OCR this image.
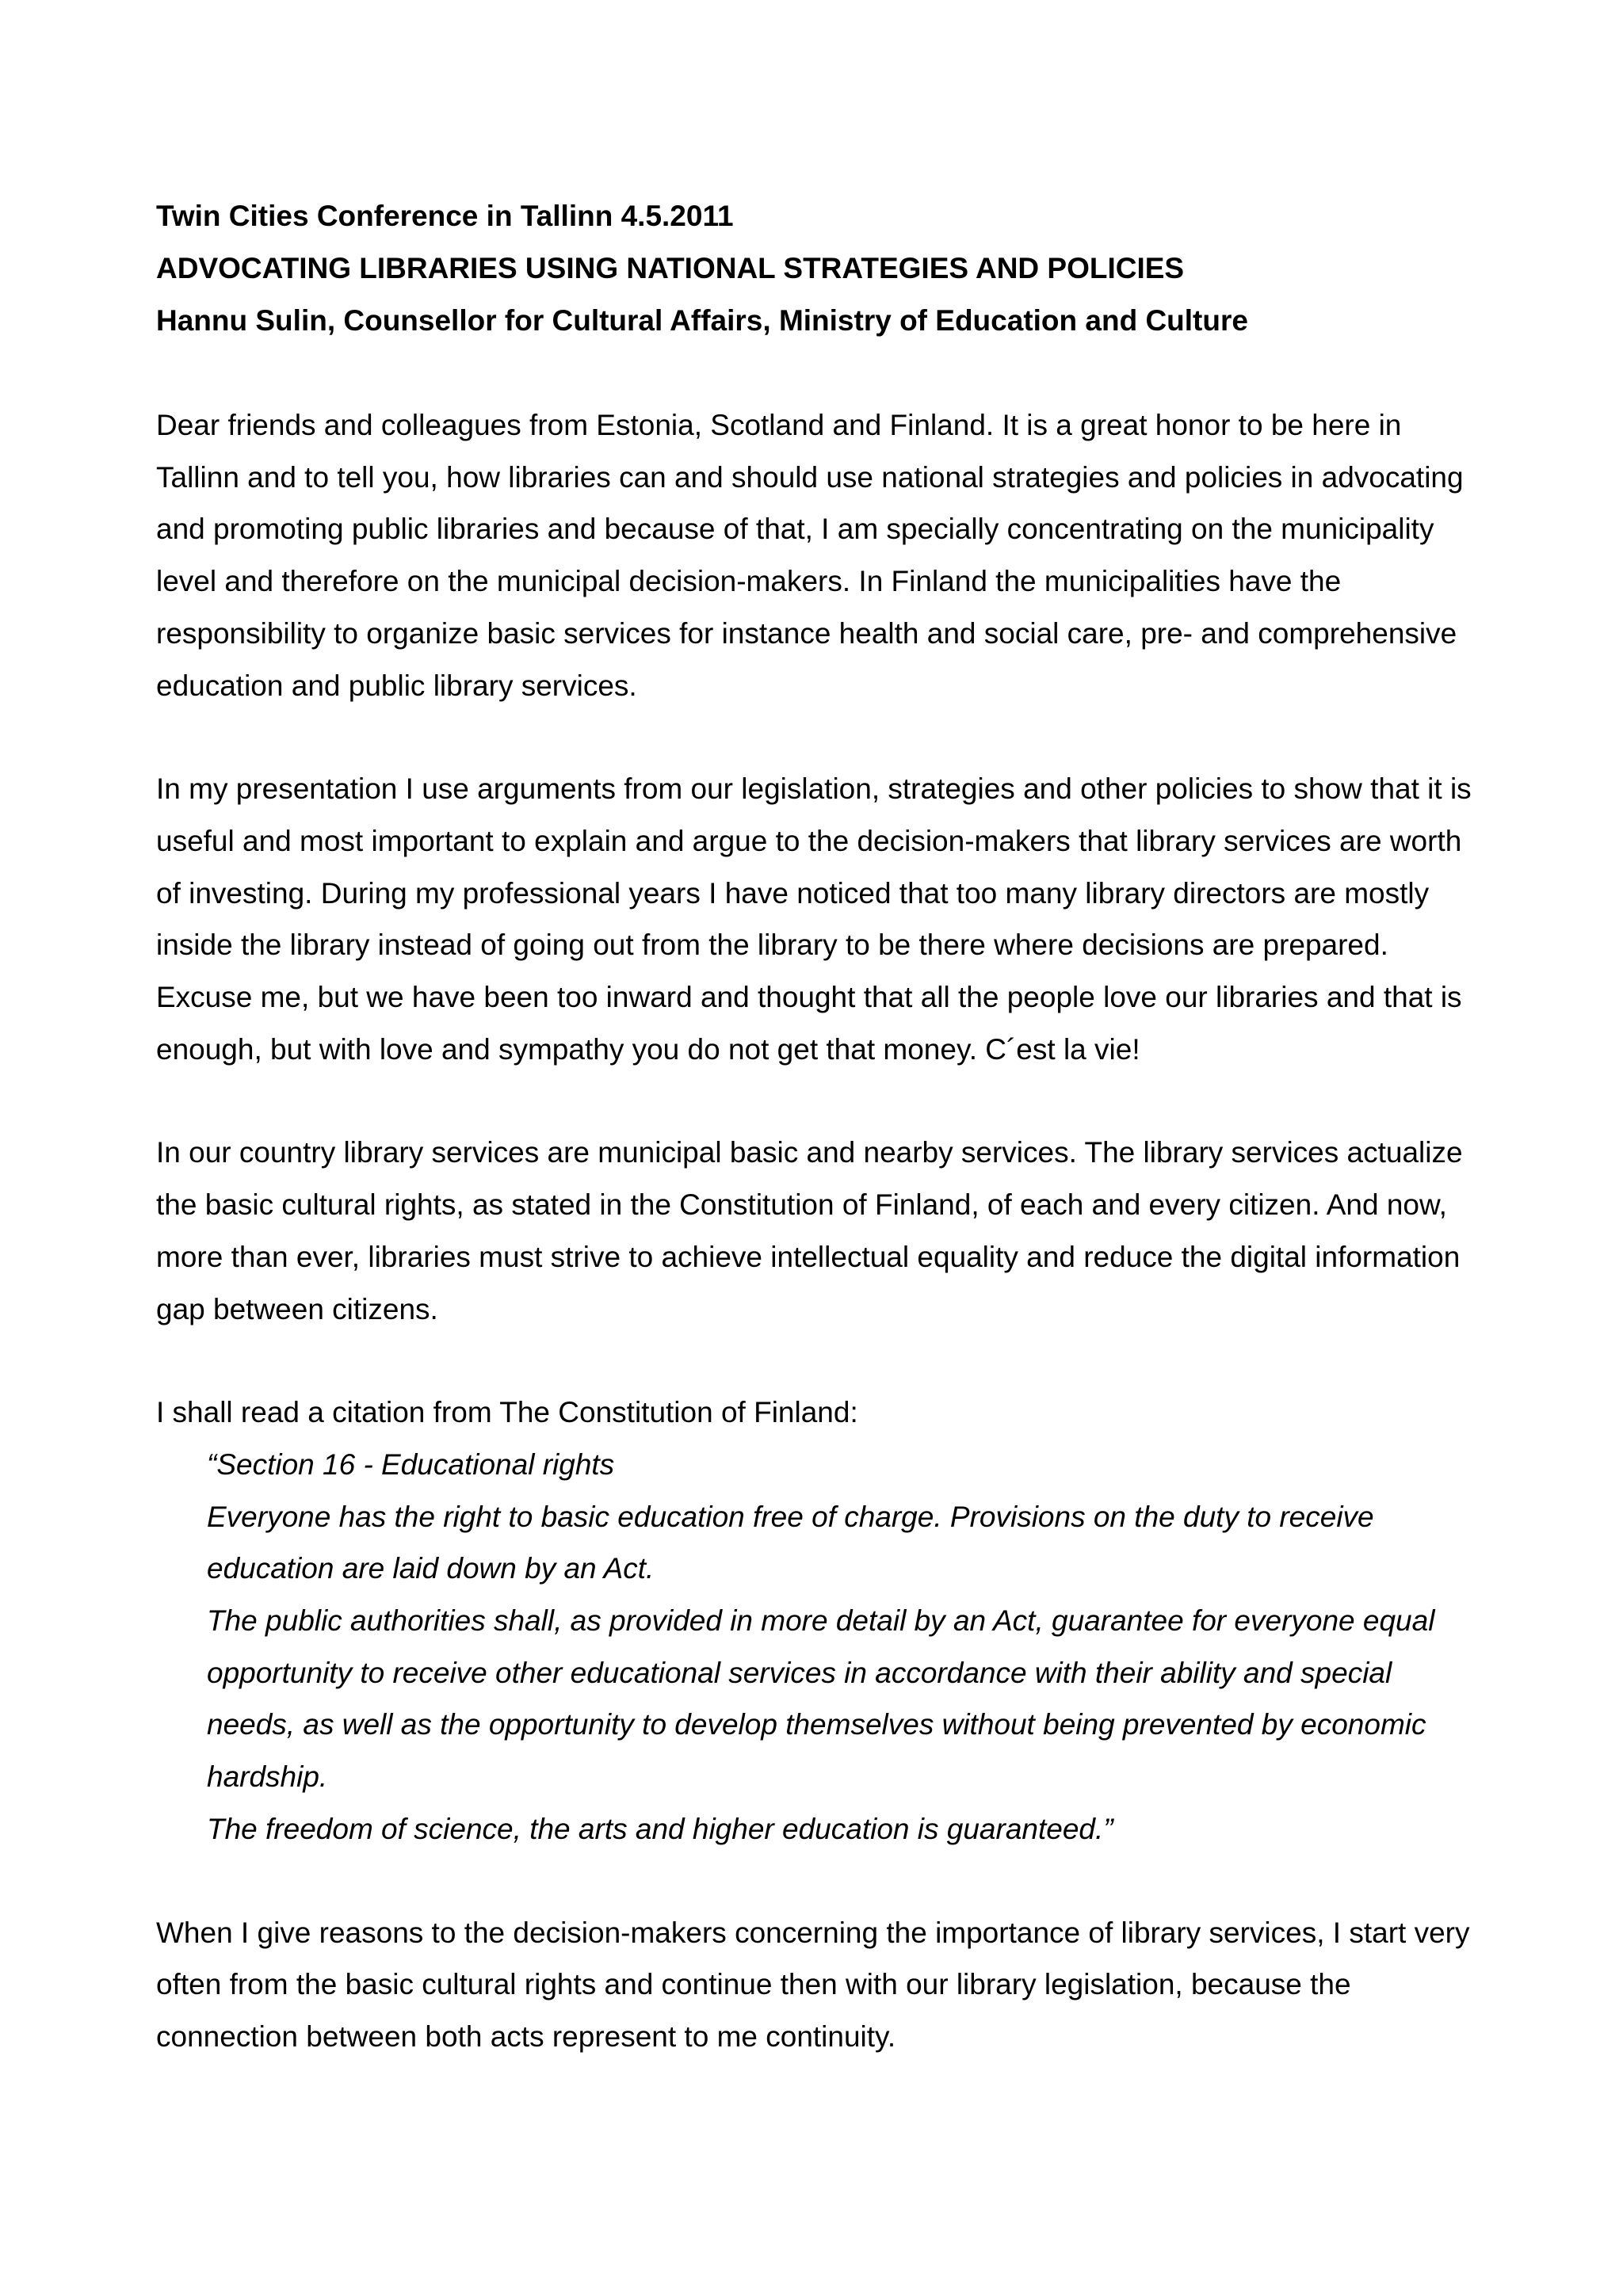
Twin Cities Conference in Tallinn 4.5.2011

ADVOCATING LIBRARIES USING NATIONAL STRATEGIES AND POLICIES

Hannu Sulin, Counsellor for Cultural Affairs, Ministry of Education and Culture

Dear friends and colleagues from Estonia, Scotland and Finland. It is a great honor to be here in Tallinn and to tell you, how libraries can and should use national strategies and policies in advocating and promoting public libraries and because of that, I am specially concentrating on the municipality level and therefore on the municipal decision-makers. In Finland the municipalities have the responsibility to organize basic services for instance health and social care, pre- and comprehensive education and public library services.

In my presentation I use arguments from our legislation, strategies and other policies to show that it is useful and most important to explain and argue to the decision-makers that library services are worth of investing. During my professional years I have noticed that too many library directors are mostly inside the library instead of going out from the library to be there where decisions are prepared. Excuse me, but we have been too inward and thought that all the people love our libraries and that is enough, but with love and sympathy you do not get that money. C´est la vie!

In our country library services are municipal basic and nearby services. The library services actualize the basic cultural rights, as stated in the Constitution of Finland, of each and every citizen. And now, more than ever, libraries must strive to achieve intellectual equality and reduce the digital information gap between citizens.

I shall read a citation from The Constitution of Finland:

“Section 16 - Educational rights

Everyone has the right to basic education free of charge. Provisions on the duty to receive education are laid down by an Act.

The public authorities shall, as provided in more detail by an Act, guarantee for everyone equal opportunity to receive other educational services in accordance with their ability and special needs, as well as the opportunity to develop themselves without being prevented by economic hardship.

The freedom of science, the arts and higher education is guaranteed.”

When I give reasons to the decision-makers concerning the importance of library services, I start very often from the basic cultural rights and continue then with our library legislation, because the connection between both acts represent to me continuity.
